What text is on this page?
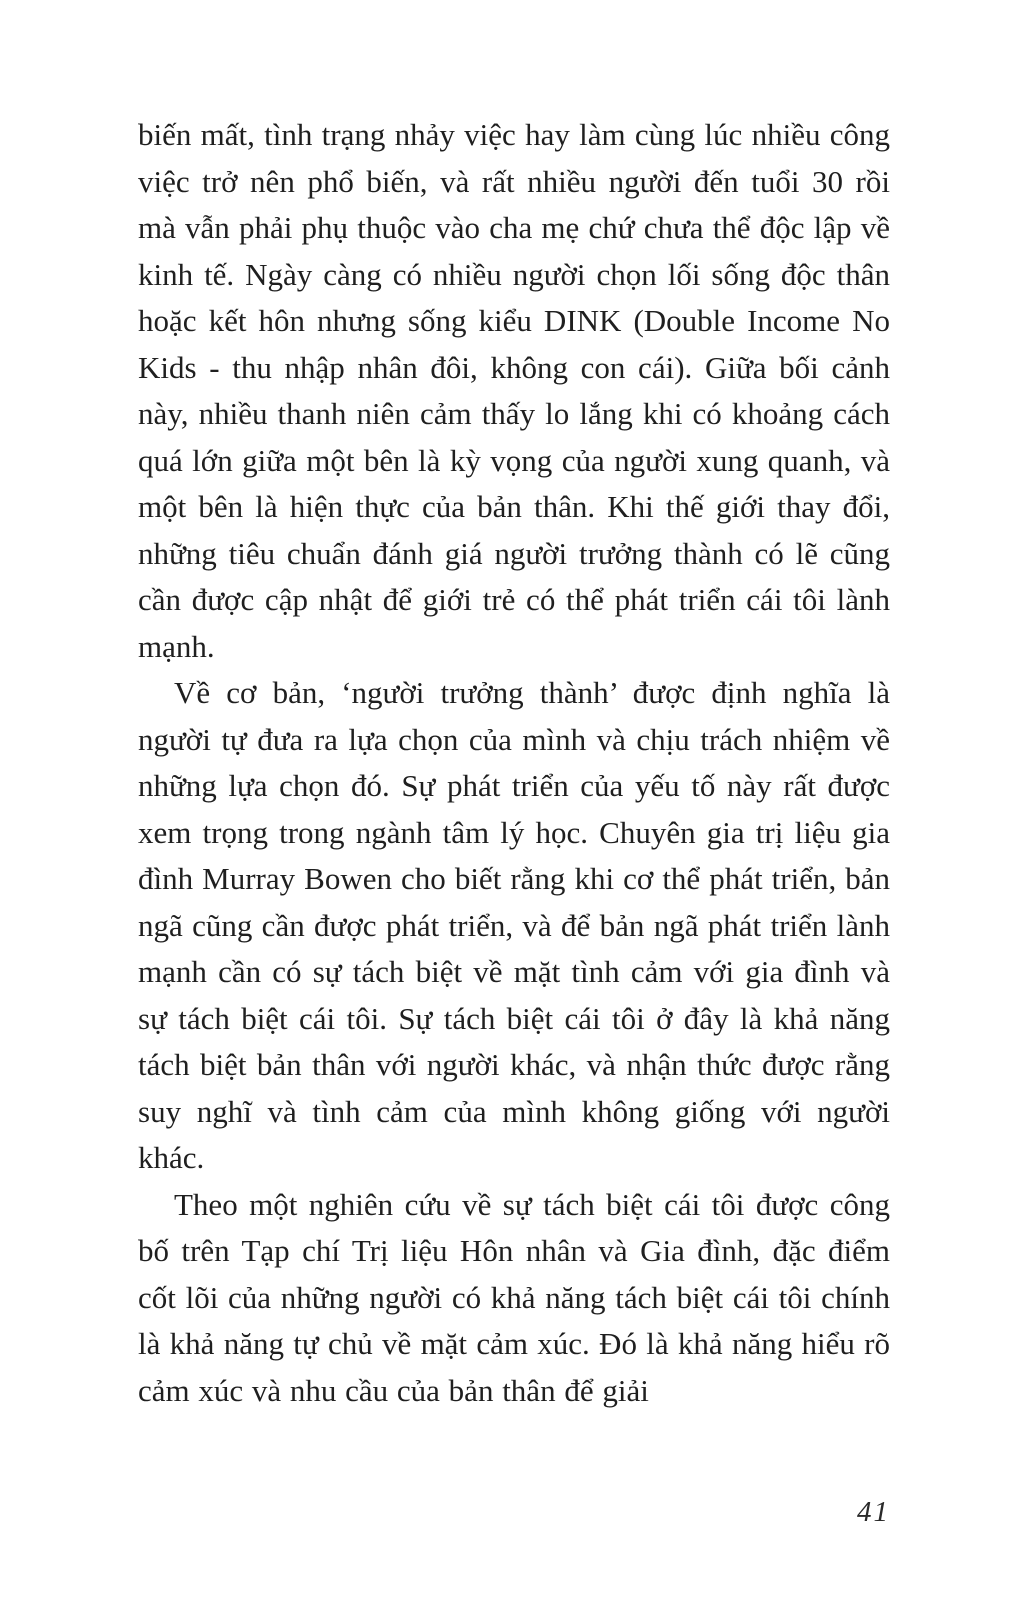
biến mất, tình trạng nhảy việc hay làm cùng lúc nhiều công việc trở nên phổ biến, và rất nhiều người đến tuổi 30 rồi mà vẫn phải phụ thuộc vào cha mẹ chứ chưa thể độc lập về kinh tế. Ngày càng có nhiều người chọn lối sống độc thân hoặc kết hôn nhưng sống kiểu DINK (Double Income No Kids - thu nhập nhân đôi, không con cái). Giữa bối cảnh này, nhiều thanh niên cảm thấy lo lắng khi có khoảng cách quá lớn giữa một bên là kỳ vọng của người xung quanh, và một bên là hiện thực của bản thân. Khi thế giới thay đổi, những tiêu chuẩn đánh giá người trưởng thành có lẽ cũng cần được cập nhật để giới trẻ có thể phát triển cái tôi lành mạnh.

Về cơ bản, ‘người trưởng thành’ được định nghĩa là người tự đưa ra lựa chọn của mình và chịu trách nhiệm về những lựa chọn đó. Sự phát triển của yếu tố này rất được xem trọng trong ngành tâm lý học. Chuyên gia trị liệu gia đình Murray Bowen cho biết rằng khi cơ thể phát triển, bản ngã cũng cần được phát triển, và để bản ngã phát triển lành mạnh cần có sự tách biệt về mặt tình cảm với gia đình và sự tách biệt cái tôi. Sự tách biệt cái tôi ở đây là khả năng tách biệt bản thân với người khác, và nhận thức được rằng suy nghĩ và tình cảm của mình không giống với người khác.

Theo một nghiên cứu về sự tách biệt cái tôi được công bố trên Tạp chí Trị liệu Hôn nhân và Gia đình, đặc điểm cốt lõi của những người có khả năng tách biệt cái tôi chính là khả năng tự chủ về mặt cảm xúc. Đó là khả năng hiểu rõ cảm xúc và nhu cầu của bản thân để giải

41
